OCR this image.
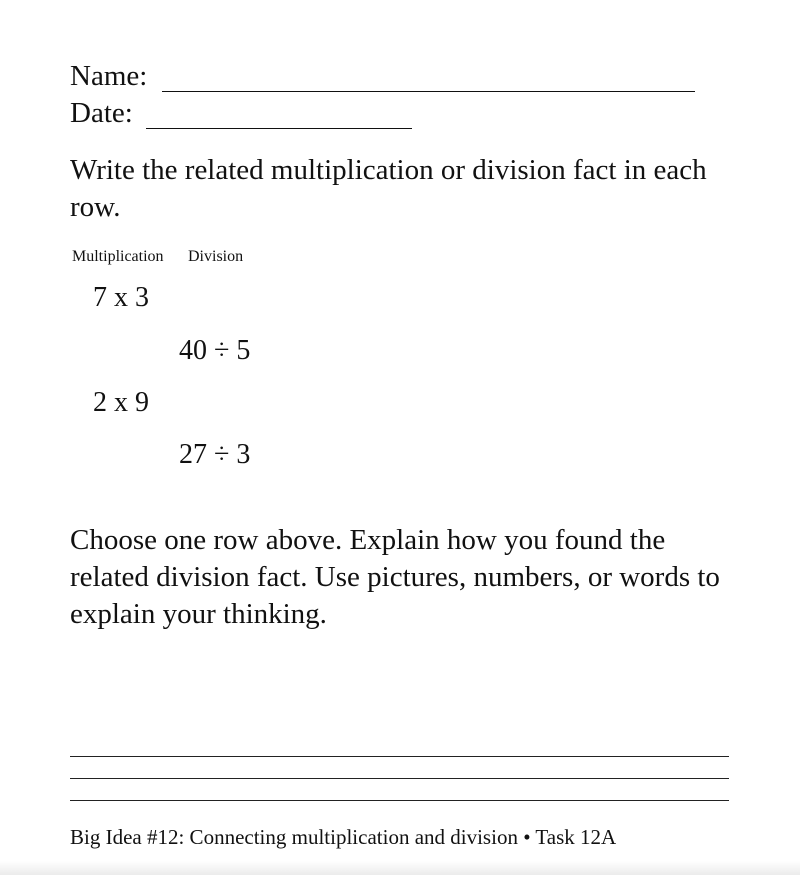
Name:
Date:

Write the related multiplication or division fact in each row.

Multiplication Division
7 x 3
40 ÷ 5
2 x 9
27 ÷ 3

Choose one row above. Explain how you found the related division fact. Use pictures, numbers, or words to explain your thinking.

Big Idea #12: Connecting multiplication and division • Task 12A
